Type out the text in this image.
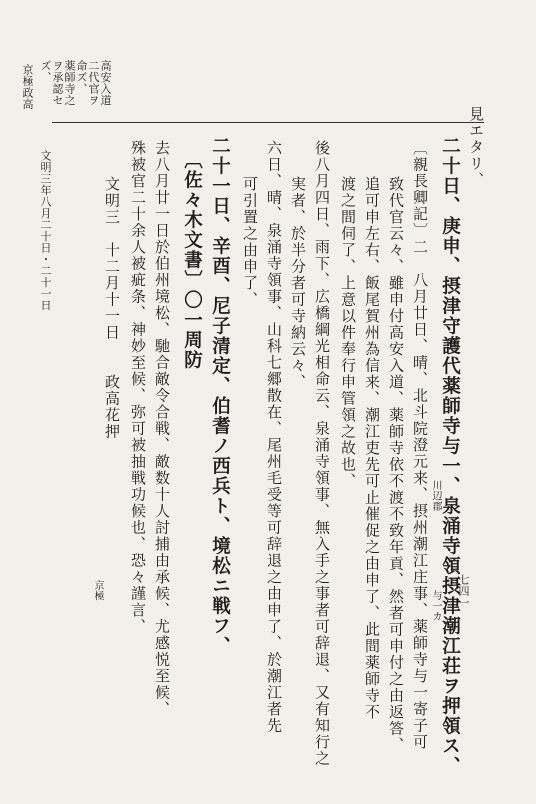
高安入道
二代官ヲ
命ズ、
薬師寺之
ヲ承認セ
ズ、
京極政高
見エタリ、
二十日、庚申、摂津守護代薬師寺与一、泉涌寺領摂津潮江荘ヲ押領ス、
〔親長卿記〕二　八月廿日、晴、北斗院澄元来、摂州潮江庄事、薬師寺与一寄子可
致代官云々、雖申付高安入道、薬師寺依不渡不致年貢、然者可申付之由返答、
追可申左右、飯尾賀州為信来、潮江吏先可止催促之由申了、此間薬師寺不
渡之間伺了、上意以件奉行申管領之故也、
後八月四日、雨下、広橋綱光相命云、泉涌寺領事、無入手之事者可辞退、又有知行之
実者、於半分者可寺納云々、
六日、晴、泉涌寺領事、山科七郷散在、尾州毛受等可辞退之由申了、於潮江者先
可引置之由申了、
二十一日、辛酉、尼子清定、伯耆ノ西兵ト、境松ニ戦フ、
〔佐々木文書〕〇一周防
去八月廿一日於伯州境松、馳合敵令合戦、敵数十人討捕由承候、尤感悦至候、
殊被官二十余人被疵条、神妙至候、弥可被抽戦功候也、恐々謹言、
文明三　十二月十一日　　政高花押
川辺郡
与一カ
京極
文明三年八月二十日・二十一日
七四一
